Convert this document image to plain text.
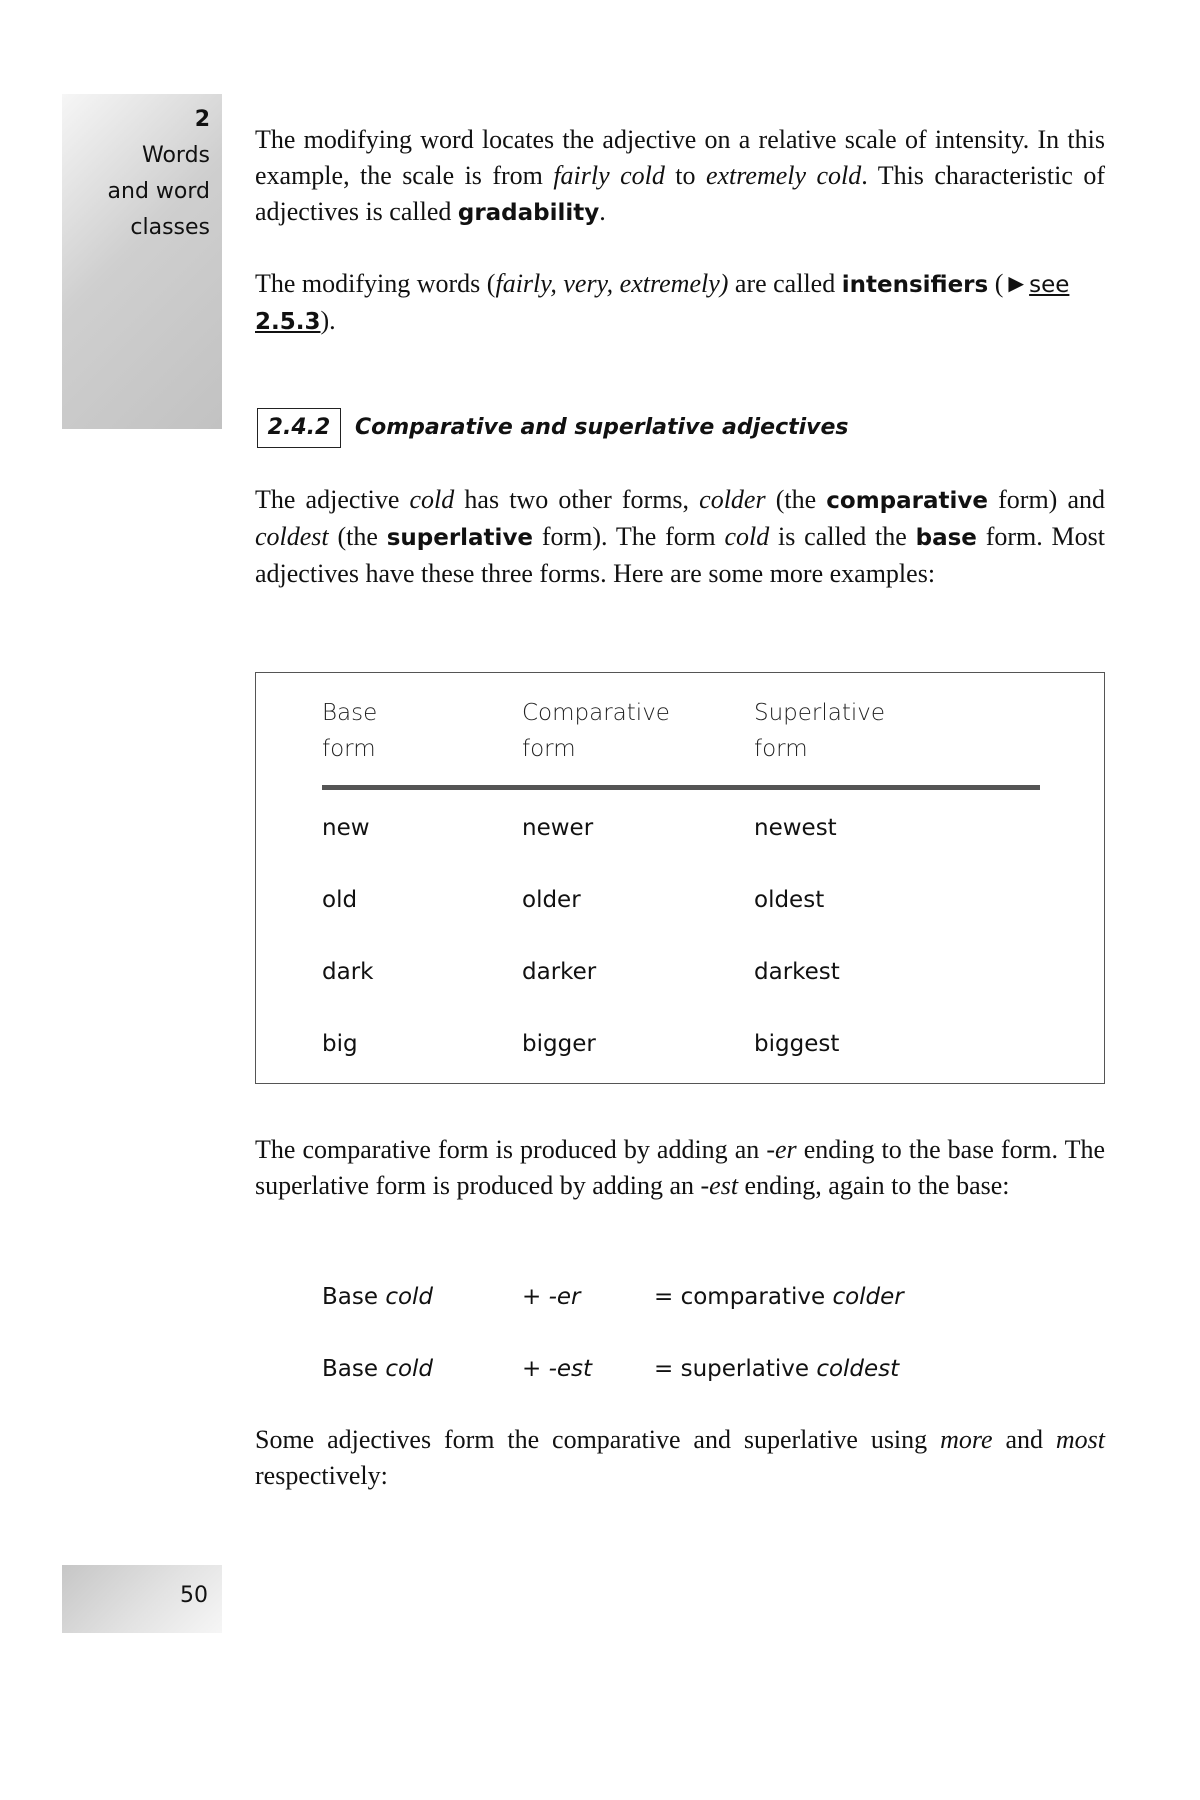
2
Words
and word
classes
The modifying word locates the adjective on a relative scale of intensity. In this example, the scale is from fairly cold to extremely cold. This characteristic of adjectives is called gradability.
The modifying words (fairly, very, extremely) are called intensifiers (►see
2.5.3).
2.4.2	Comparative and superlative adjectives
The adjective cold has two other forms, colder (the comparative form) and coldest (the superlative form). The form cold is called the base form. Most adjectives have these three forms. Here are some more examples:
Base
form
Comparative
form
Superlative
form
new	newer	newest
old	older	oldest
dark	darker	darkest
big	bigger	biggest
The comparative form is produced by adding an -er ending to the base form. The superlative form is produced by adding an -est ending, again to the base:
Base cold	+ -er	= comparative colder
Base cold	+ -est	= superlative coldest
Some adjectives form the comparative and superlative using more and most respectively:
50
